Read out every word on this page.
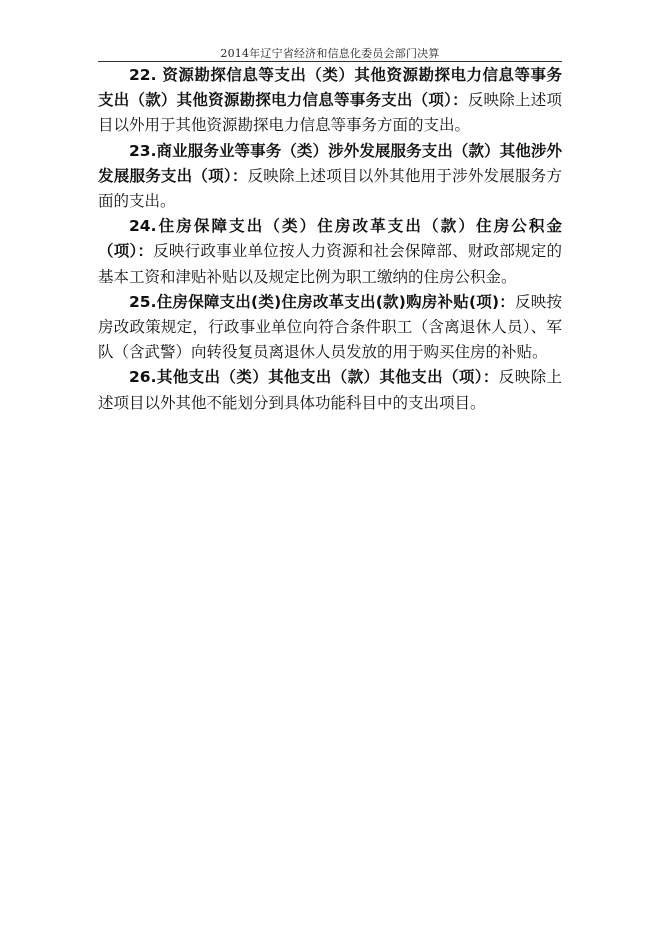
2014年辽宁省经济和信息化委员会部门决算

22. 资源勘探信息等支出（类）其他资源勘探电力信息等事务支出（款）其他资源勘探电力信息等事务支出（项）：反映除上述项目以外用于其他资源勘探电力信息等事务方面的支出。

23.商业服务业等事务（类）涉外发展服务支出（款）其他涉外发展服务支出（项）：反映除上述项目以外其他用于涉外发展服务方面的支出。

24.住房保障支出（类）住房改革支出（款）住房公积金（项）：反映行政事业单位按人力资源和社会保障部、财政部规定的基本工资和津贴补贴以及规定比例为职工缴纳的住房公积金。

25.住房保障支出(类)住房改革支出(款)购房补贴(项)：反映按房改政策规定，行政事业单位向符合条件职工（含离退休人员）、军队（含武警）向转役复员离退休人员发放的用于购买住房的补贴。

26.其他支出（类）其他支出（款）其他支出（项）：反映除上述项目以外其他不能划分到具体功能科目中的支出项目。
